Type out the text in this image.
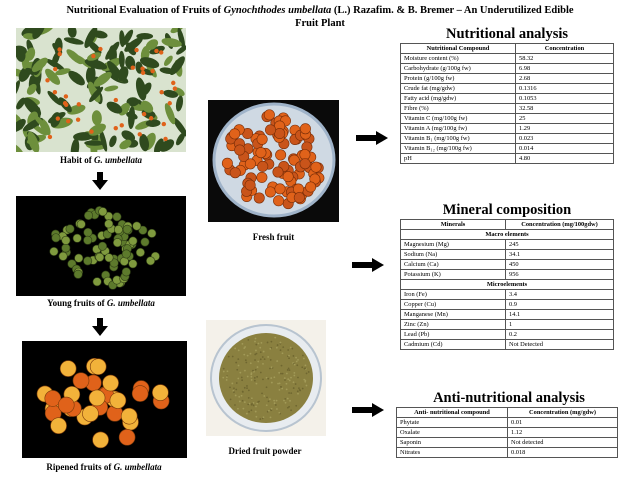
Nutritional Evaluation of Fruits of Gynochthodes umbellata (L.) Razafim. & B. Bremer – An Underutilized Edible
Fruit Plant
Habit of G. umbellata
Young fruits of G. umbellata
Ripened fruits of G. umbellata
Fresh fruit
Dried fruit powder
Nutritional analysis
Nutritional Compound	Concentration
Moisture content (%)	58.32
Carbohydrate (g/100g fw)	6.98
Protein (g/100g fw)	2.68
Crude fat (mg/gdw)	0.1316
Fatty acid (mg/gdw)	0.1053
Fibre (%)	32.58
Vitamin C (mg/100g fw)	25
Vitamin A (mg/100g fw)	1.29
Vitamin B₁ (mg/100g fw)	0.023
Vitamin B₁₂ (mg/100g fw)	0.014
pH	4.80
Mineral composition
Minerals	Concentration (mg/100gdw)
Macro elements	
Magnesium (Mg)	245
Sodium (Na)	34.1
Calcium (Ca)	450
Potassium (K)	956
Microelements	
Iron (Fe)	3.4
Copper (Cu)	0.9
Manganese (Mn)	14.1
Zinc (Zn)	1
Lead (Pb)	0.2
Cadmium (Cd)	Not Detected
Anti-nutritional analysis
Anti- nutritional compound	Concentration (mg/gdw)
Phytate	0.01
Oxalate	1.12
Saponin	Not detected
Nitrates	0.018
